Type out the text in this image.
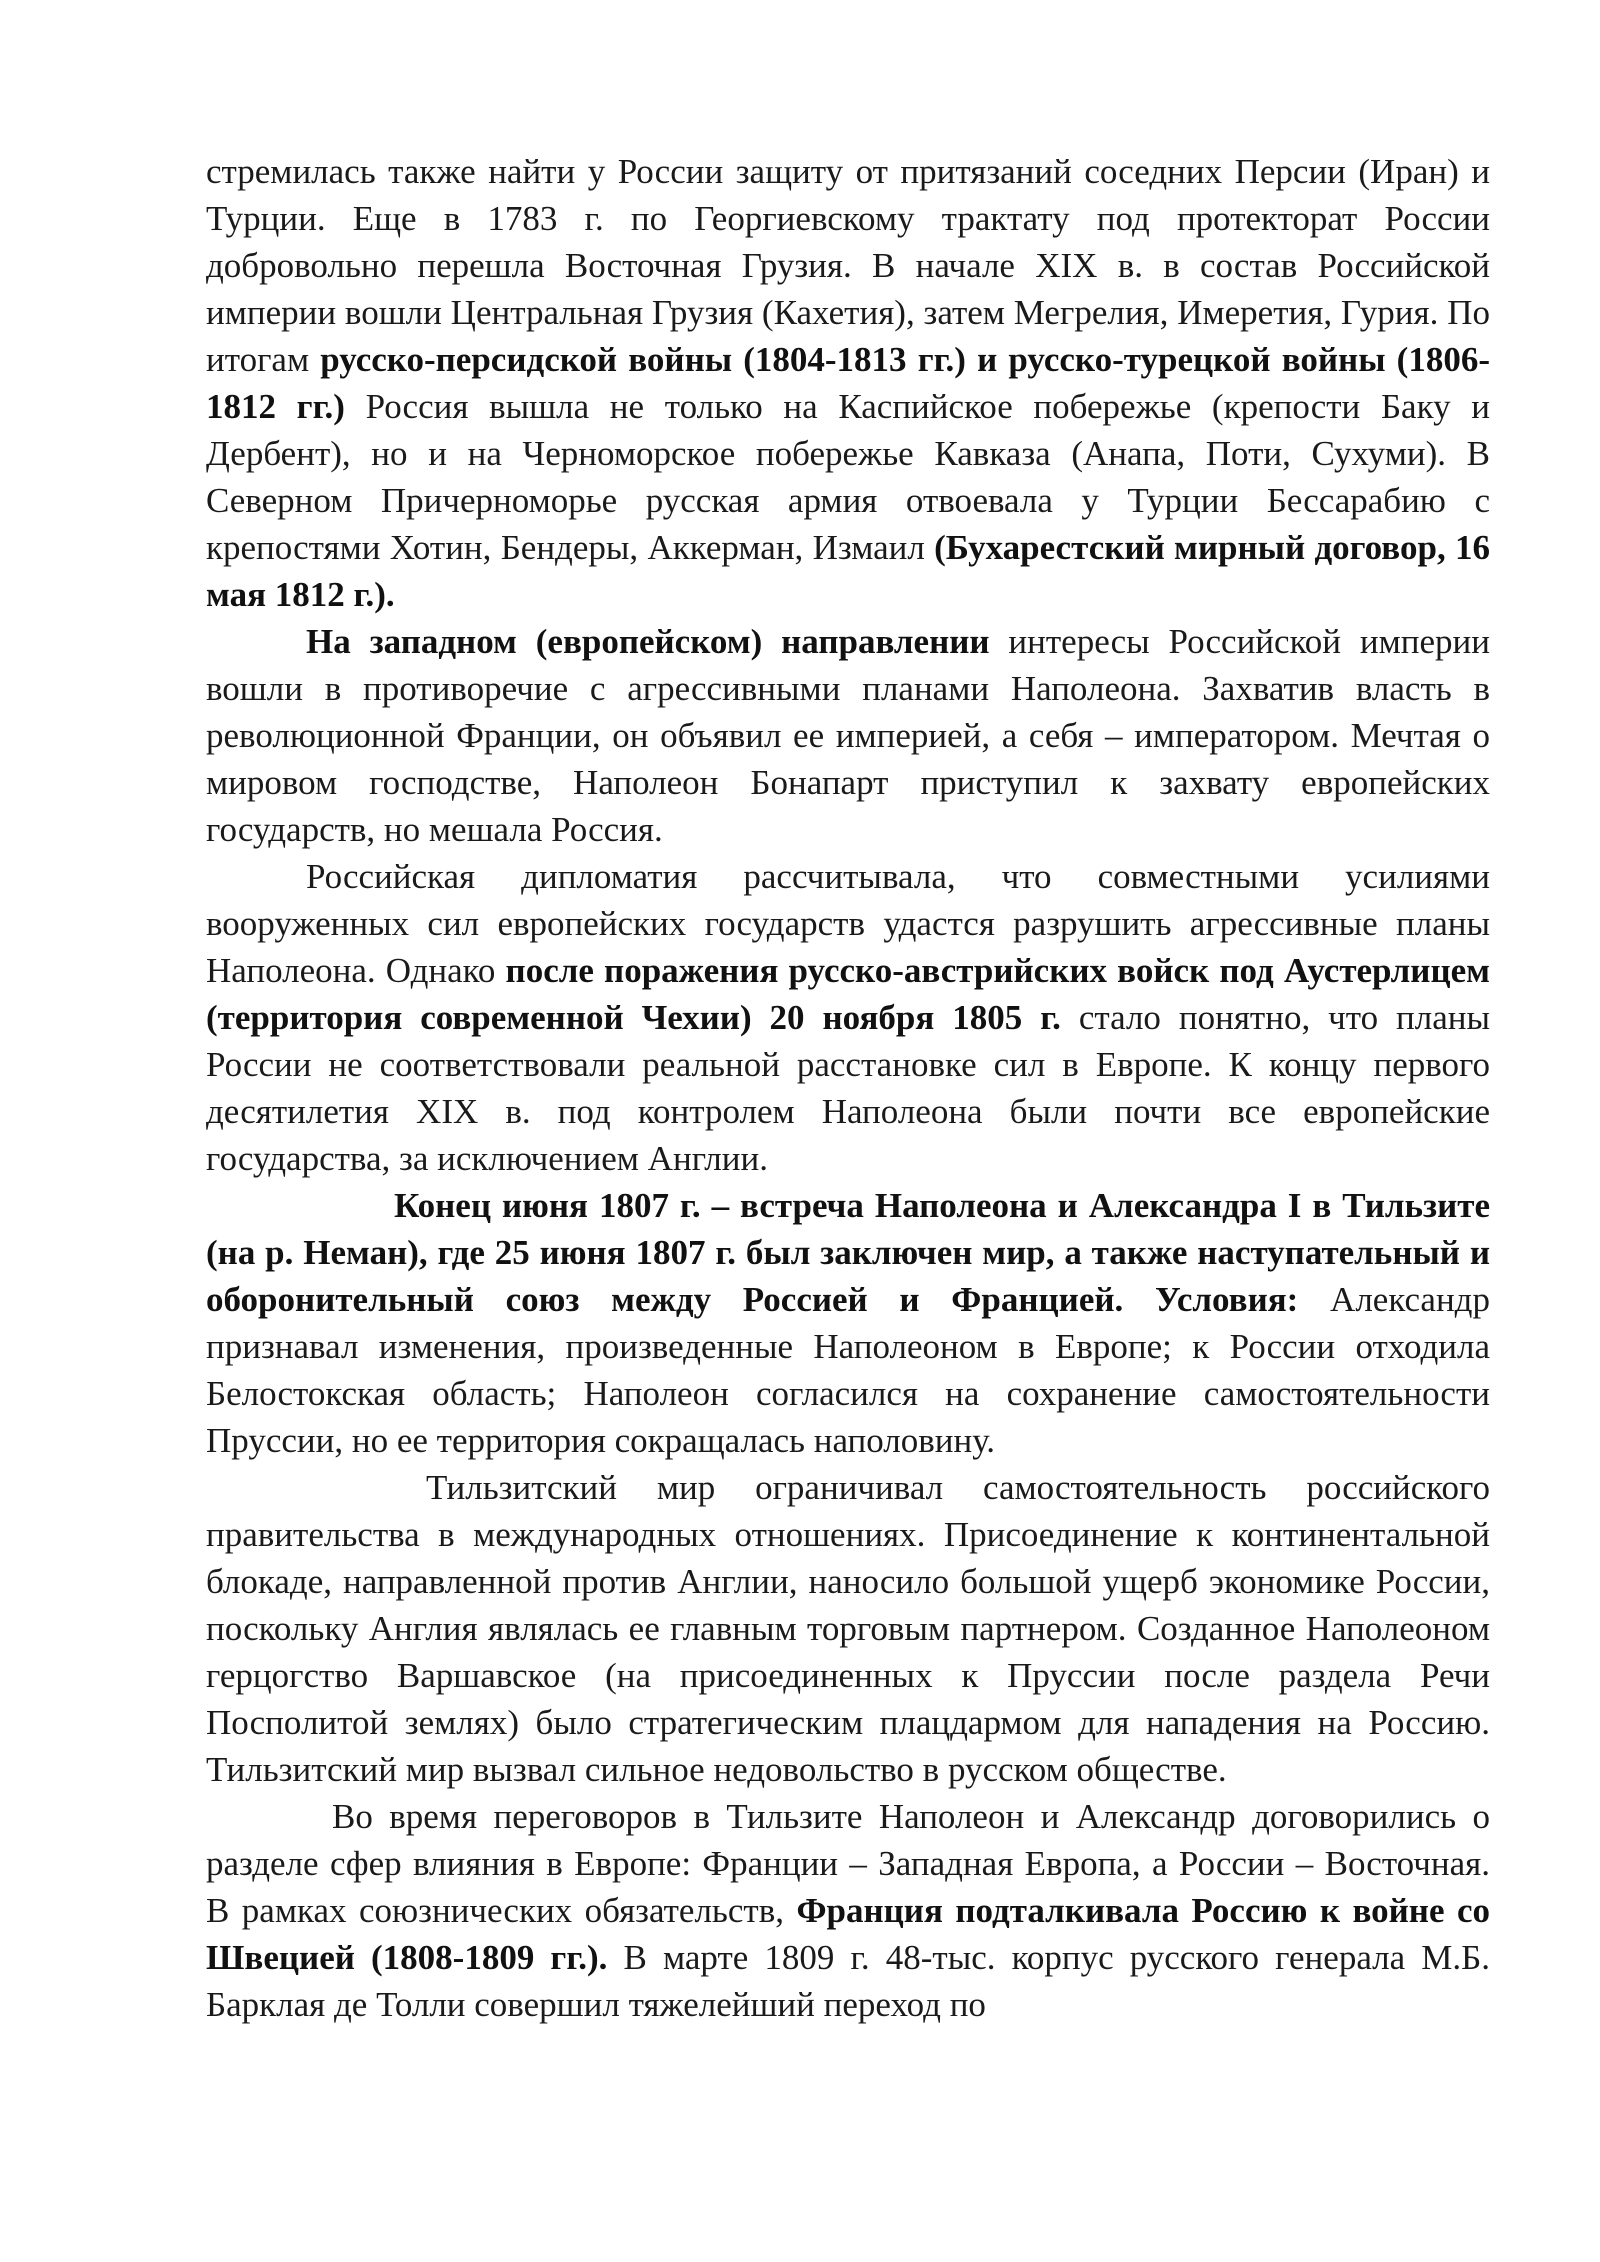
стремилась также найти у России защиту от притязаний соседних Персии (Иран) и Турции. Еще в 1783 г. по Георгиевскому трактату под протекторат России добровольно перешла Восточная Грузия. В начале XIX в. в состав Российской империи вошли Центральная Грузия (Кахетия), затем Мегрелия, Имеретия, Гурия. По итогам русско-персидской войны (1804-1813 гг.) и русско-турецкой войны (1806-1812 гг.) Россия вышла не только на Каспийское побережье (крепости Баку и Дербент), но и на Черноморское побережье Кавказа (Анапа, Поти, Сухуми). В Северном Причерноморье русская армия отвоевала у Турции Бессарабию с крепостями Хотин, Бендеры, Аккерман, Измаил (Бухарестский мирный договор, 16 мая 1812 г.).

На западном (европейском) направлении интересы Российской империи вошли в противоречие с агрессивными планами Наполеона. Захватив власть в революционной Франции, он объявил ее империей, а себя – императором. Мечтая о мировом господстве, Наполеон Бонапарт приступил к захвату европейских государств, но мешала Россия.

Российская дипломатия рассчитывала, что совместными усилиями вооруженных сил европейских государств удастся разрушить агрессивные планы Наполеона. Однако после поражения русско-австрийских войск под Аустерлицем (территория современной Чехии) 20 ноября 1805 г. стало понятно, что планы России не соответствовали реальной расстановке сил в Европе. К концу первого десятилетия XIX в. под контролем Наполеона были почти все европейские государства, за исключением Англии.

Конец июня 1807 г. – встреча Наполеона и Александра I в Тильзите (на р. Неман), где 25 июня 1807 г. был заключен мир, а также наступательный и оборонительный союз между Россией и Францией. Условия: Александр признавал изменения, произведенные Наполеоном в Европе; к России отходила Белостокская область; Наполеон согласился на сохранение самостоятельности Пруссии, но ее территория сокращалась наполовину.

Тильзитский мир ограничивал самостоятельность российского правительства в международных отношениях. Присоединение к континентальной блокаде, направленной против Англии, наносило большой ущерб экономике России, поскольку Англия являлась ее главным торговым партнером. Созданное Наполеоном герцогство Варшавское (на присоединенных к Пруссии после раздела Речи Посполитой землях) было стратегическим плацдармом для нападения на Россию. Тильзитский мир вызвал сильное недовольство в русском обществе.

Во время переговоров в Тильзите Наполеон и Александр договорились о разделе сфер влияния в Европе: Франции – Западная Европа, а России – Восточная. В рамках союзнических обязательств, Франция подталкивала Россию к войне со Швецией (1808-1809 гг.). В марте 1809 г. 48-тыс. корпус русского генерала М.Б. Барклая де Толли совершил тяжелейший переход по
